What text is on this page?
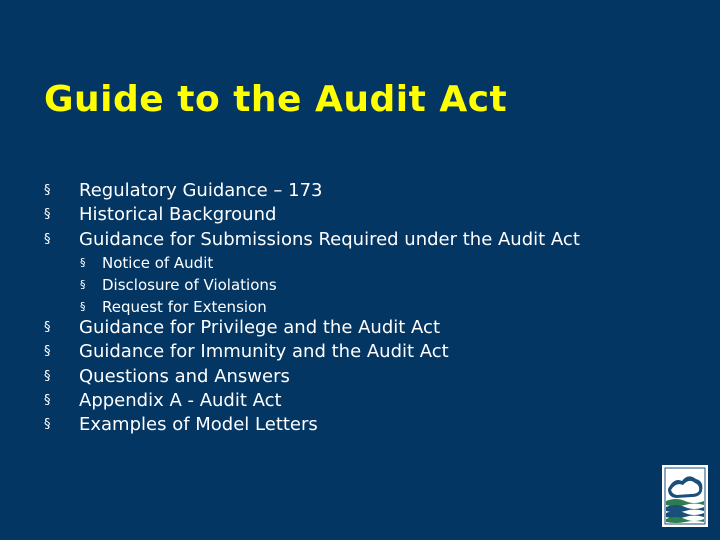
Guide to the Audit Act
§ Regulatory Guidance – 173
§ Historical Background
§ Guidance for Submissions Required under the Audit Act
§ Notice of Audit
§ Disclosure of Violations
§ Request for Extension
§ Guidance for Privilege and the Audit Act
§ Guidance for Immunity and the Audit Act
§ Questions and Answers
§ Appendix A - Audit Act
§ Examples of Model Letters
